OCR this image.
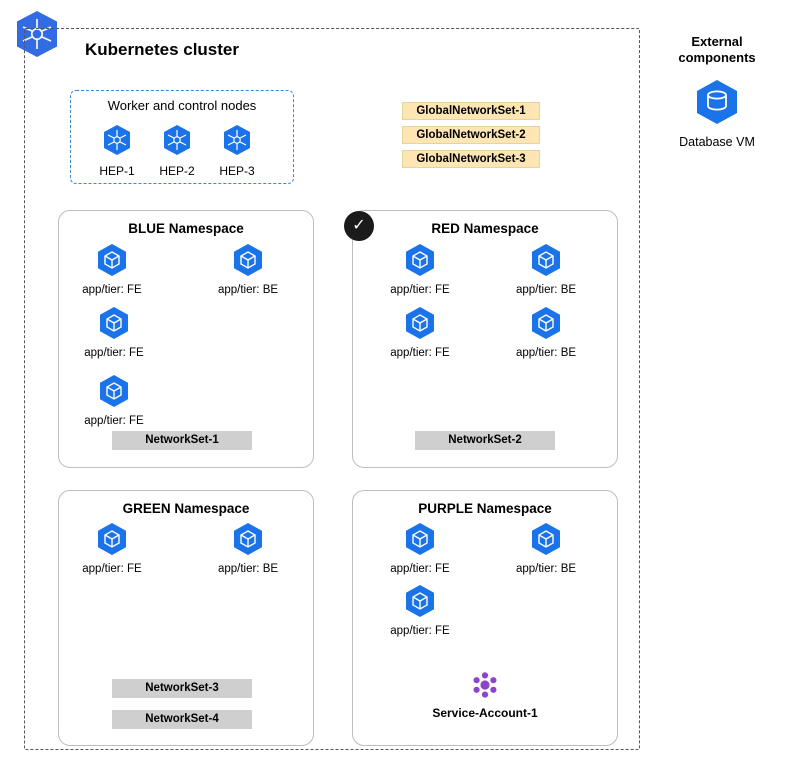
Kubernetes cluster
Worker and control nodes
HEP-1	HEP-2	HEP-3
GlobalNetworkSet-1
GlobalNetworkSet-2
GlobalNetworkSet-3
BLUE Namespace
app/tier: FE	app/tier: BE
app/tier: FE
app/tier: FE
NetworkSet-1
RED Namespace
✓
app/tier: FE	app/tier: BE
app/tier: FE	app/tier: BE
NetworkSet-2
GREEN Namespace
app/tier: FE	app/tier: BE
NetworkSet-3
NetworkSet-4
PURPLE Namespace
app/tier: FE	app/tier: BE
app/tier: FE
Service-Account-1
External
components
Database VM
